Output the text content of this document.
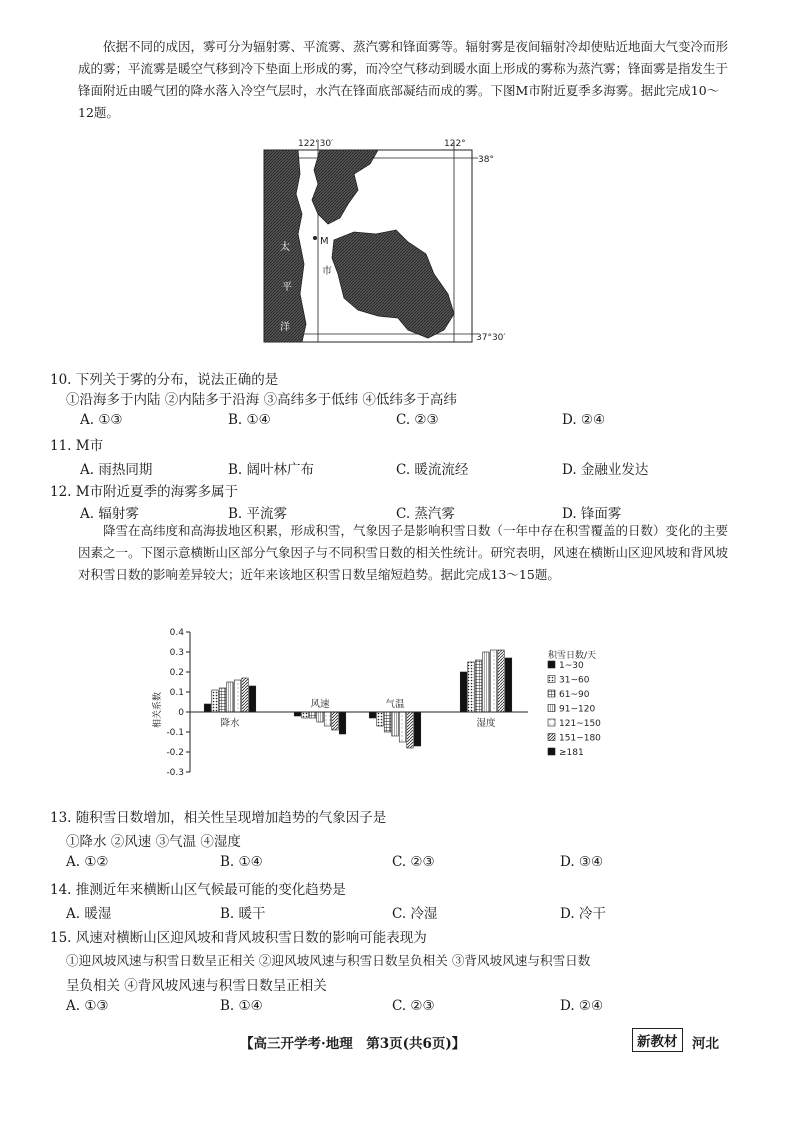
依据不同的成因，雾可分为辐射雾、平流雾、蒸汽雾和锋面雾等。辐射雾是夜间辐射冷却使贴近地面大气变冷而形成的雾；平流雾是暖空气移到冷下垫面上形成的雾，而冷空气移动到暖水面上形成的雾称为蒸汽雾；锋面雾是指发生于锋面附近由暖气团的降水落入冷空气层时，水汽在锋面底部凝结而成的雾。下图M市附近夏季多海雾。据此完成10～12题。
122°30′	122°
38°
37°30′
M
市
太
平
洋
10. 下列关于雾的分布，说法正确的是
①沿海多于内陆 ②内陆多于沿海 ③高纬多于低纬 ④低纬多于高纬
A. ①③	B. ①④	C. ②③	D. ②④
11. M市
A. 雨热同期	B. 阔叶林广布	C. 暖流流经	D. 金融业发达
12. M市附近夏季的海雾多属于
A. 辐射雾	B. 平流雾	C. 蒸汽雾	D. 锋面雾
降雪在高纬度和高海拔地区积累，形成积雪，气象因子是影响积雪日数（一年中存在积雪覆盖的日数）变化的主要因素之一。下图示意横断山区部分气象因子与不同积雪日数的相关性统计。研究表明，风速在横断山区迎风坡和背风坡对积雪日数的影响差异较大；近年来该地区积雪日数呈缩短趋势。据此完成13～15题。
相关系数
0.4
0.3
0.2
0.1
0
-0.1
-0.2
-0.3
降水
风速	气温
湿度
积雪日数/天
1~30
31~60
61~90
91~120
121~150
151~180
≥181
13. 随积雪日数增加，相关性呈现增加趋势的气象因子是
①降水 ②风速 ③气温 ④湿度
A. ①②	B. ①④	C. ②③	D. ③④
14. 推测近年来横断山区气候最可能的变化趋势是
A. 暖湿	B. 暖干	C. 冷湿	D. 冷干
15. 风速对横断山区迎风坡和背风坡积雪日数的影响可能表现为
①迎风坡风速与积雪日数呈正相关 ②迎风坡风速与积雪日数呈负相关 ③背风坡风速与积雪日数
呈负相关 ④背风坡风速与积雪日数呈正相关
A. ①③	B. ①④	C. ②③	D. ②④
【高三开学考·地理　第3页(共6页)】	新教材	河北
